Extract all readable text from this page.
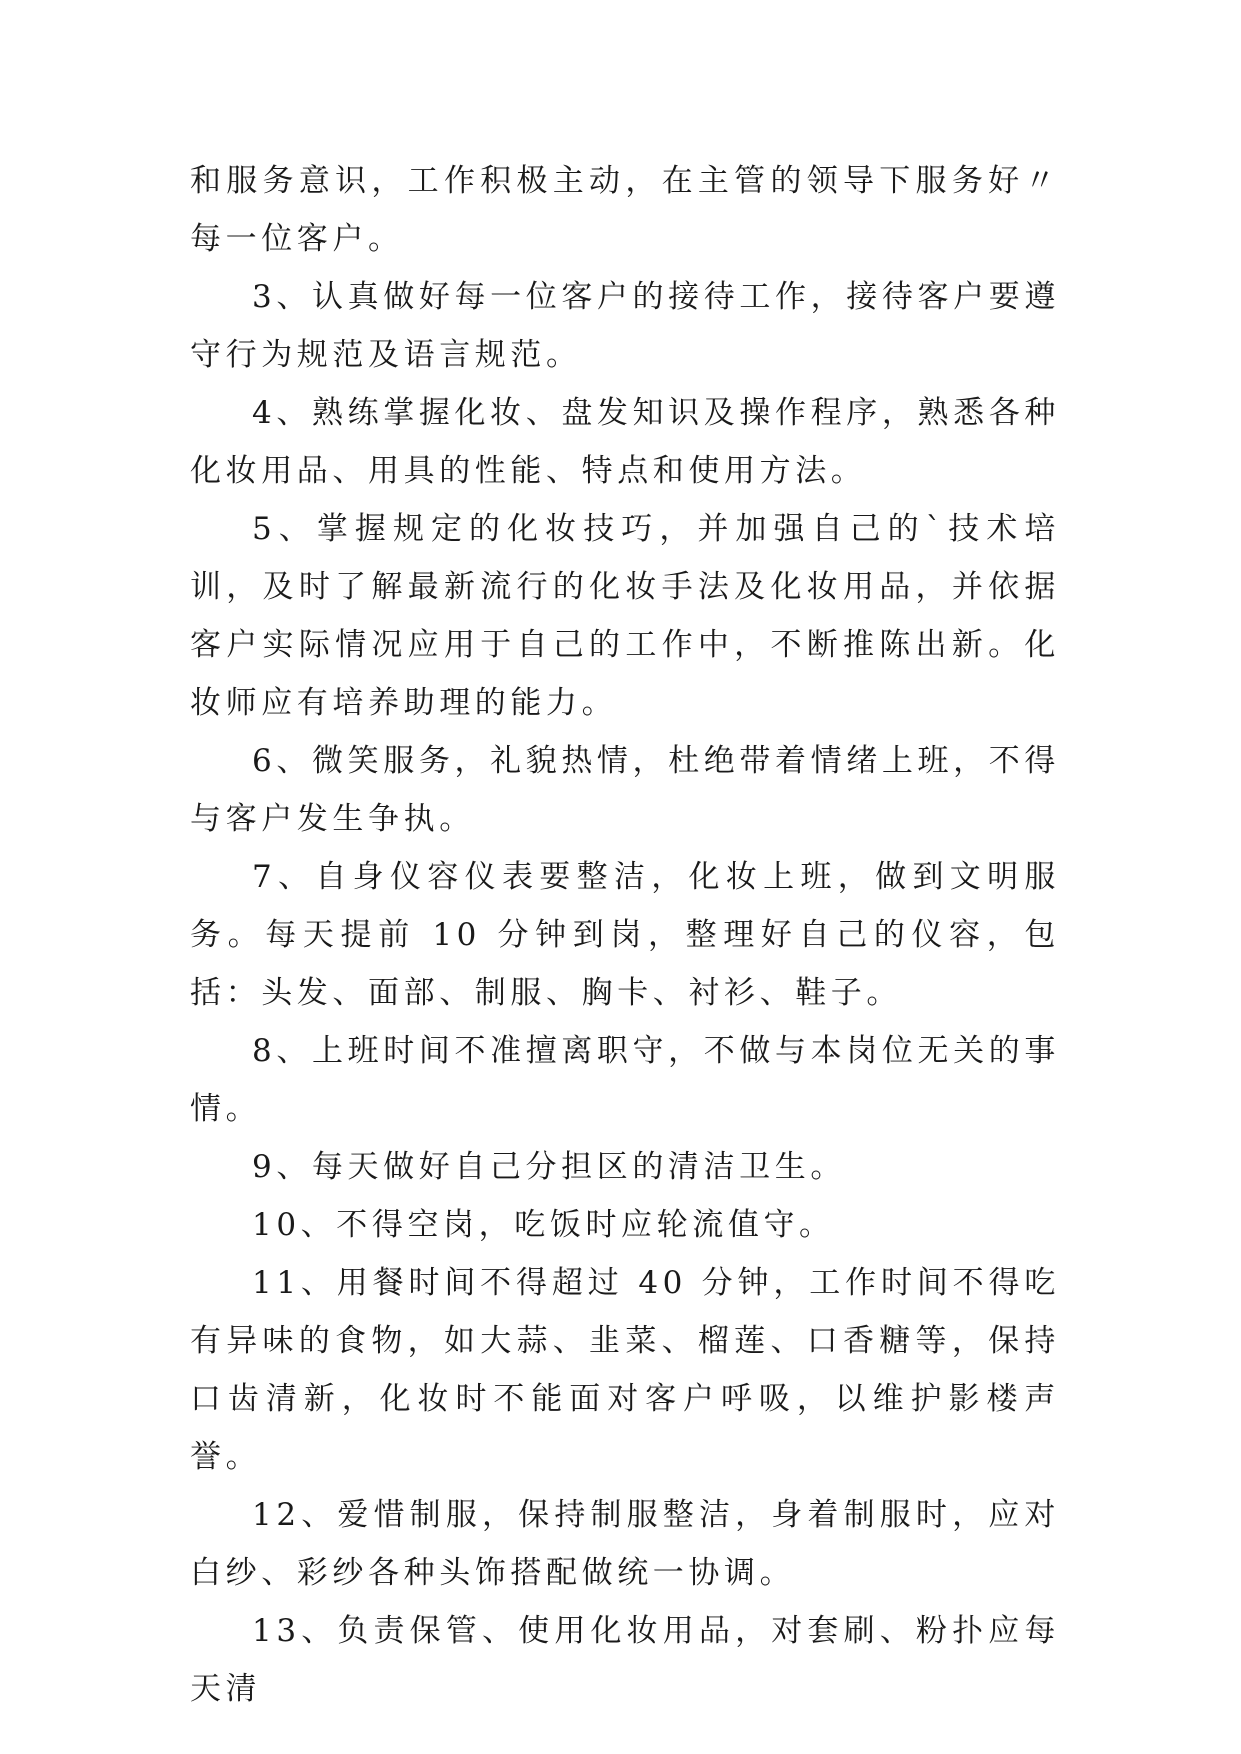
和服务意识，工作积极主动，在主管的领导下服务好〃每一位客户。

3、认真做好每一位客户的接待工作，接待客户要遵守行为规范及语言规范。

4、熟练掌握化妆、盘发知识及操作程序，熟悉各种化妆用品、用具的性能、特点和使用方法。

5、掌握规定的化妆技巧，并加强自己的`技术培训，及时了解最新流行的化妆手法及化妆用品，并依据客户实际情况应用于自己的工作中，不断推陈出新。化妆师应有培养助理的能力。

6、微笑服务，礼貌热情，杜绝带着情绪上班，不得与客户发生争执。

7、自身仪容仪表要整洁，化妆上班，做到文明服务。每天提前 10 分钟到岗，整理好自己的仪容，包括：头发、面部、制服、胸卡、衬衫、鞋子。

8、上班时间不准擅离职守，不做与本岗位无关的事情。

9、每天做好自己分担区的清洁卫生。

10、不得空岗，吃饭时应轮流值守。

11、用餐时间不得超过 40 分钟，工作时间不得吃有异味的食物，如大蒜、韭菜、榴莲、口香糖等，保持口齿清新，化妆时不能面对客户呼吸，以维护影楼声誉。

12、爱惜制服，保持制服整洁，身着制服时，应对白纱、彩纱各种头饰搭配做统一协调。

13、负责保管、使用化妆用品，对套刷、粉扑应每天清
